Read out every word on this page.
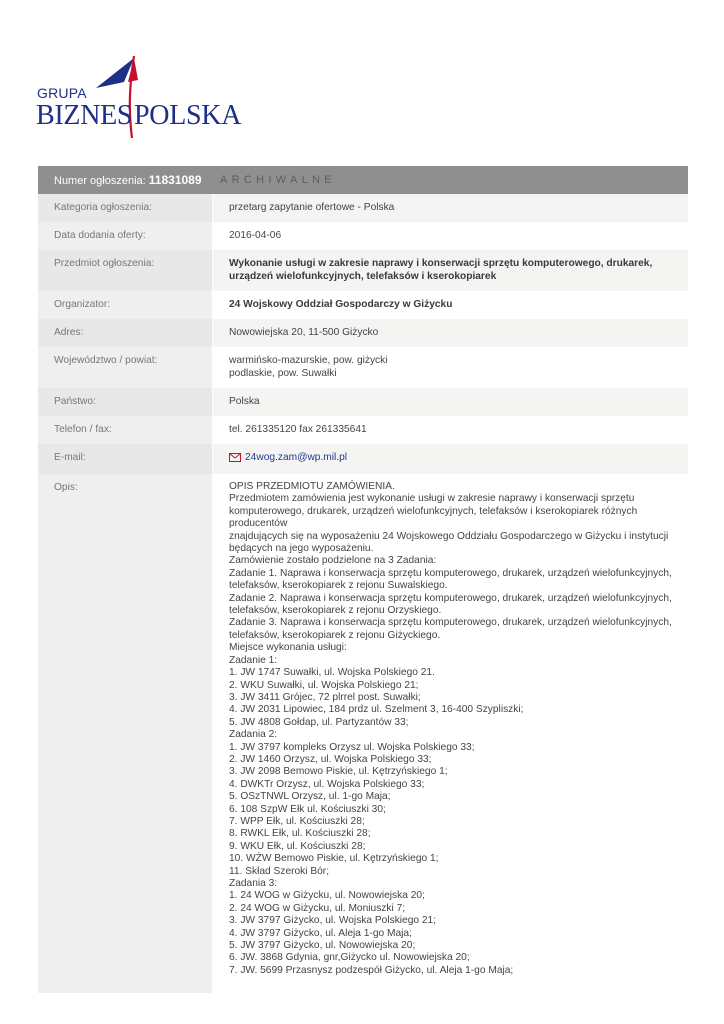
GRUPA
BIZNES POLSKA
Numer ogłoszenia: 11831089	ARCHIWALNE
Kategoria ogłoszenia:	przetarg zapytanie ofertowe - Polska
Data dodania oferty:	2016-04-06
Przedmiot ogłoszenia:	Wykonanie usługi w zakresie naprawy i konserwacji sprzętu komputerowego, drukarek, urządzeń wielofunkcyjnych, telefaksów i kserokopiarek
Organizator:	24 Wojskowy Oddział Gospodarczy w Giżycku
Adres:	Nowowiejska 20, 11-500 Giżycko
Województwo / powiat:	warmińsko-mazurskie, pow. giżycki
podlaskie, pow. Suwałki
Państwo:	Polska
Telefon / fax:	tel. 261335120 fax 261335641
E-mail:	24wog.zam@wp.mil.pl
Opis:	OPIS PRZEDMIOTU ZAMÓWIENIA.
Przedmiotem zamówienia jest wykonanie usługi w zakresie naprawy i konserwacji sprzętu
komputerowego, drukarek, urządzeń wielofunkcyjnych, telefaksów i kserokopiarek różnych producentów
znajdujących się na wyposażeniu 24 Wojskowego Oddziału Gospodarczego w Giżycku i instytucji
będących na jego wyposażeniu.
Zamówienie zostało podzielone na 3 Zadania:
Zadanie 1. Naprawa i konserwacja sprzętu komputerowego, drukarek, urządzeń wielofunkcyjnych,
telefaksów, kserokopiarek z rejonu Suwalskiego.
Zadanie 2. Naprawa i konserwacja sprzętu komputerowego, drukarek, urządzeń wielofunkcyjnych,
telefaksów, kserokopiarek z rejonu Orzyskiego.
Zadanie 3. Naprawa i konserwacja sprzętu komputerowego, drukarek, urządzeń wielofunkcyjnych,
telefaksów, kserokopiarek z rejonu Giżyckiego.
Miejsce wykonania usługi:
Zadanie 1:
1. JW 1747 Suwałki, ul. Wojska Polskiego 21.
2. WKU Suwałki, ul. Wojska Polskiego 21;
3. JW 3411 Grójec, 72 plrrel post. Suwałki;
4. JW 2031 Lipowiec, 184 prdz ul. Szelment 3, 16-400 Szypliszki;
5. JW 4808 Gołdap, ul. Partyzantów 33;
Zadania 2:
1. JW 3797 kompleks Orzysz ul. Wojska Polskiego 33;
2. JW 1460 Orzysz, ul. Wojska Polskiego 33;
3. JW 2098 Bemowo Piskie, ul. Kętrzyńskiego 1;
4. DWKTr Orzysz, ul. Wojska Polskiego 33;
5. OSzTNWL Orzysz, ul. 1-go Maja;
6. 108 SzpW Ełk ul. Kościuszki 30;
7. WPP Ełk, ul. Kościuszki 28;
8. RWKL Ełk, ul. Kościuszki 28;
9. WKU Ełk, ul. Kościuszki 28;
10. WŻW Bemowo Piskie, ul. Kętrzyńskiego 1;
11. Skład Szeroki Bór;
Zadania 3:
1. 24 WOG w Giżycku, ul. Nowowiejska 20;
2. 24 WOG w Giżycku, ul. Moniuszki 7;
3. JW 3797 Giżycko, ul. Wojska Polskiego 21;
4. JW 3797 Giżycko, ul. Aleja 1-go Maja;
5. JW 3797 Giżycko, ul. Nowowiejska 20;
6. JW. 3868 Gdynia, gnr,Giżycko ul. Nowowiejska 20;
7. JW. 5699 Przasnysz podzespół Giżycko, ul. Aleja 1-go Maja;
